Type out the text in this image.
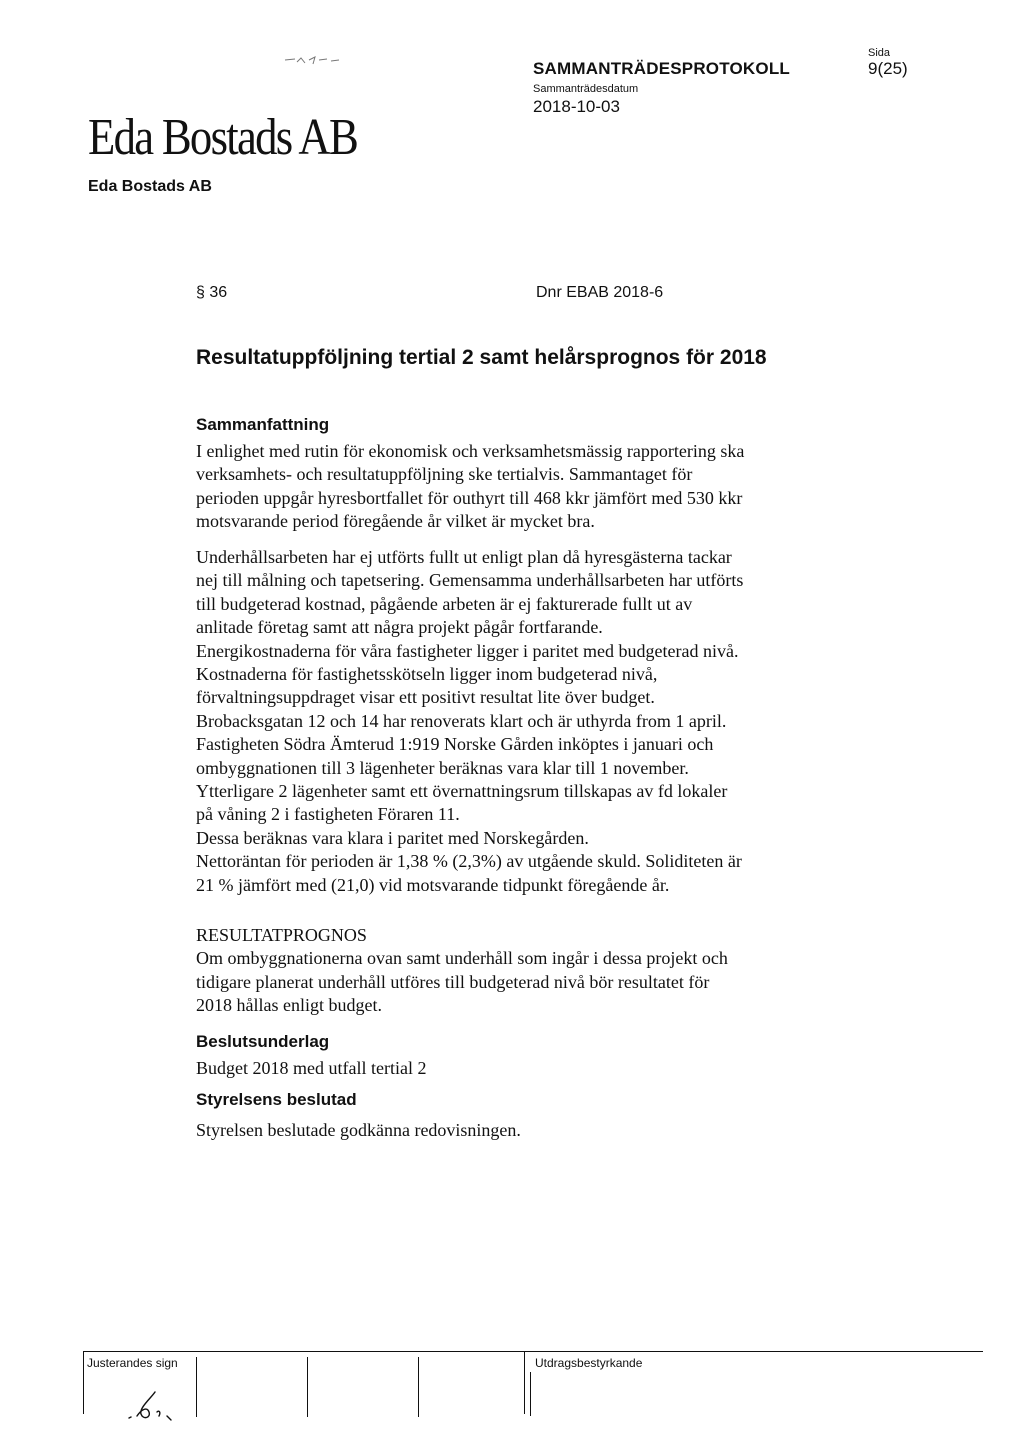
Eda Bostads AB
Eda Bostads AB
SAMMANTRÄDESPROTOKOLL
Sammanträdesdatum
2018-10-03
Sida
9(25)
§ 36	Dnr EBAB 2018-6
Resultatuppföljning tertial 2 samt helårsprognos för 2018
Sammanfattning
I enlighet med rutin för ekonomisk och verksamhetsmässig rapportering ska
verksamhets- och resultatuppföljning ske tertialvis. Sammantaget för
perioden uppgår hyresbortfallet för outhyrt till 468 kkr jämfört med 530 kkr
motsvarande period föregående år vilket är mycket bra.
Underhållsarbeten har ej utförts fullt ut enligt plan då hyresgästerna tackar
nej till målning och tapetsering. Gemensamma underhållsarbeten har utförts
till budgeterad kostnad, pågående arbeten är ej fakturerade fullt ut av
anlitade företag samt att några projekt pågår fortfarande.
Energikostnaderna för våra fastigheter ligger i paritet med budgeterad nivå.
Kostnaderna för fastighetsskötseln ligger inom budgeterad nivå,
förvaltningsuppdraget visar ett positivt resultat lite över budget.
Brobacksgatan 12 och 14 har renoverats klart och är uthyrda from 1 april.
Fastigheten Södra Ämterud 1:919 Norske Gården inköptes i januari och
ombyggnationen till 3 lägenheter beräknas vara klar till 1 november.
Ytterligare 2 lägenheter samt ett övernattningsrum tillskapas av fd lokaler
på våning 2 i fastigheten Föraren 11.
Dessa beräknas vara klara i paritet med Norskegården.
Nettoräntan för perioden är 1,38 % (2,3%) av utgående skuld. Soliditeten är
21 % jämfört med (21,0) vid motsvarande tidpunkt föregående år.
RESULTATPROGNOS
Om ombyggnationerna ovan samt underhåll som ingår i dessa projekt och
tidigare planerat underhåll utföres till budgeterad nivå bör resultatet för
2018 hållas enligt budget.
Beslutsunderlag
Budget 2018 med utfall tertial 2
Styrelsens beslutad
Styrelsen beslutade godkänna redovisningen.
Justerandes sign	Utdragsbestyrkande
